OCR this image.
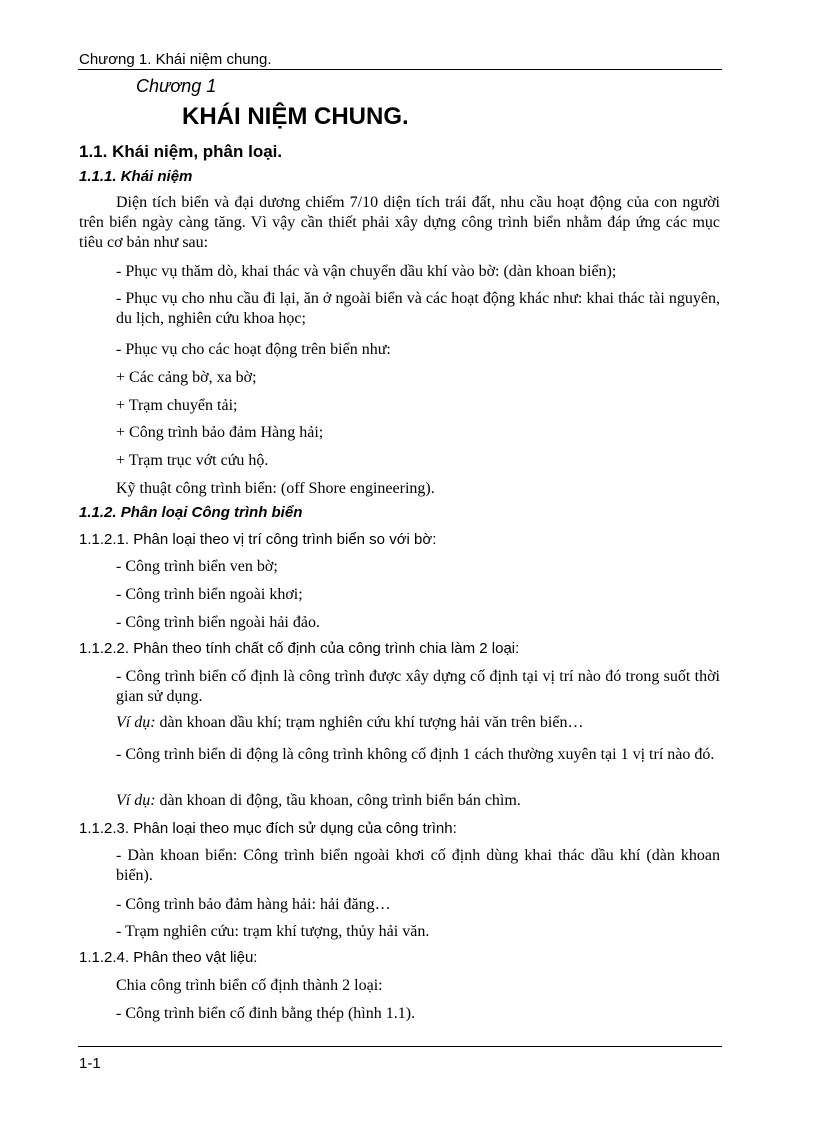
Chương 1. Khái niệm chung.
Chương 1
KHÁI NIỆM CHUNG.
1.1. Khái niệm, phân loại.
1.1.1. Khái niệm

Diện tích biển và đại dương chiếm 7/10 diện tích trái đất, nhu cầu hoạt động của con người trên biển ngày càng tăng. Vì vậy cần thiết phải xây dựng công trình biển nhằm đáp ứng các mục tiêu cơ bản như sau:

- Phục vụ thăm dò, khai thác và vận chuyển dầu khí vào bờ: (dàn khoan biển);

- Phục vụ cho nhu cầu đi lại, ăn ở ngoài biển và các hoạt động khác như: khai thác tài nguyên, du lịch, nghiên cứu khoa học;

- Phục vụ cho các hoạt động trên biển như:

+ Các cảng bờ, xa bờ;

+ Trạm chuyển tải;

+ Công trình bảo đảm Hàng hải;

+ Trạm trục vớt cứu hộ.

Kỹ thuật công trình biển: (off Shore engineering).

1.1.2. Phân loại Công trình biển
1.1.2.1. Phân loại theo vị trí công trình biển so với bờ:

- Công trình biển ven bờ;

- Công trình biển ngoài khơi;

- Công trình biển ngoài hải đảo.

1.1.2.2. Phân theo tính chất cố định của công trình chia làm 2 loại:

- Công trình biển cố định là công trình được xây dựng cố định tại vị trí nào đó trong suốt thời gian sử dụng.

Ví dụ: dàn khoan dầu khí; trạm nghiên cứu khí tượng hải văn trên biển…

- Công trình biển di động là công trình không cố định 1 cách thường xuyên tại 1 vị trí nào đó.

Ví dụ: dàn khoan di động, tầu khoan, công trình biển bán chìm.

1.1.2.3. Phân loại theo mục đích sử dụng của công trình:

- Dàn khoan biển: Công trình biển ngoài khơi cố định dùng khai thác dầu khí (dàn khoan biển).

- Công trình bảo đảm hàng hải: hải đăng…

- Trạm nghiên cứu: trạm khí tượng, thủy hải văn.

1.1.2.4. Phân theo vật liệu:

Chia công trình biển cố định thành 2 loại:

- Công trình biển cố đinh bằng thép (hình 1.1).

1-1
